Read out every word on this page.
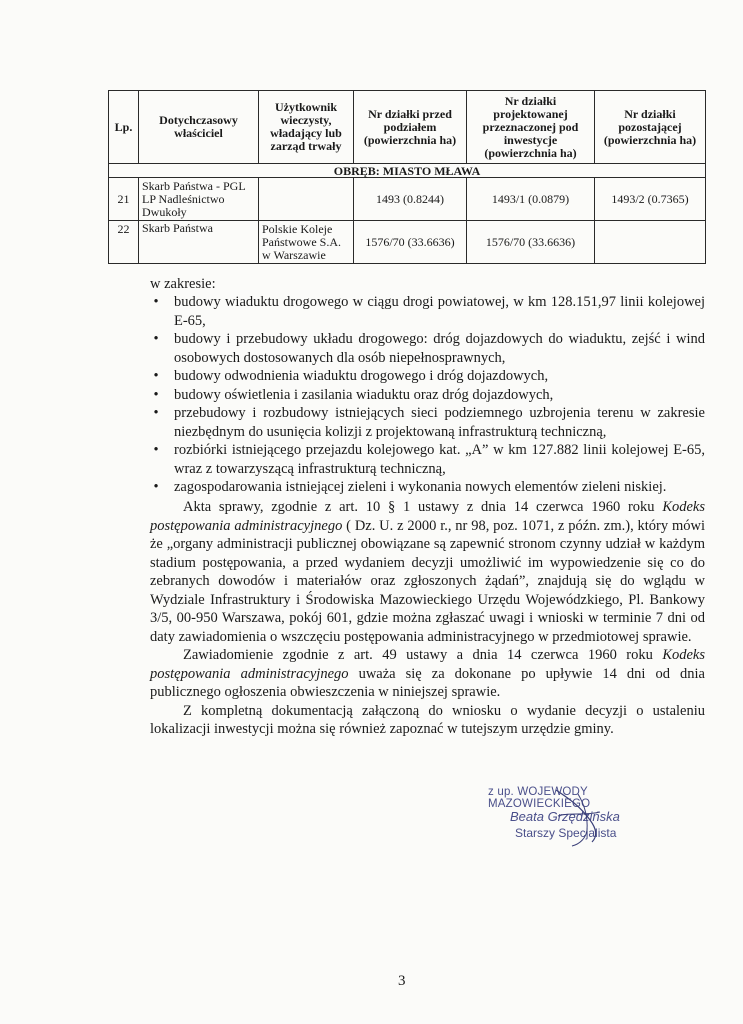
Lp.	Dotychczasowy właściciel	Użytkownik wieczysty, władający lub zarząd trwały	Nr działki przed podziałem (powierzchnia ha)	Nr działki projektowanej przeznaczonej pod inwestycje (powierzchnia ha)	Nr działki pozostającej (powierzchnia ha)
OBRĘB: MIASTO MŁAWA					
21	Skarb Państwa - PGL LP Nadleśnictwo Dwukoły		1493 (0.8244)	1493/1 (0.0879)	1493/2 (0.7365)
22	Skarb Państwa	Polskie Koleje Państwowe S.A. w Warszawie	1576/70 (33.6636)	1576/70 (33.6636)	
w zakresie:
• budowy wiaduktu drogowego w ciągu drogi powiatowej, w km 128.151,97 linii kolejowej E-65,
• budowy i przebudowy układu drogowego: dróg dojazdowych do wiaduktu, zejść i wind osobowych dostosowanych dla osób niepełnosprawnych,
• budowy odwodnienia wiaduktu drogowego i dróg dojazdowych,
• budowy oświetlenia i zasilania wiaduktu oraz dróg dojazdowych,
• przebudowy i rozbudowy istniejących sieci podziemnego uzbrojenia terenu w zakresie niezbędnym do usunięcia kolizji z projektowaną infrastrukturą techniczną,
• rozbiórki istniejącego przejazdu kolejowego kat. „A” w km 127.882 linii kolejowej E-65, wraz z towarzyszącą infrastrukturą techniczną,
• zagospodarowania istniejącej zieleni i wykonania nowych elementów zieleni niskiej.

Akta sprawy, zgodnie z art. 10 § 1 ustawy z dnia 14 czerwca 1960 roku Kodeks postępowania administracyjnego ( Dz. U. z 2000 r., nr 98, poz. 1071, z późn. zm.), który mówi że „organy administracji publicznej obowiązane są zapewnić stronom czynny udział w każdym stadium postępowania, a przed wydaniem decyzji umożliwić im wypowiedzenie się co do zebranych dowodów i materiałów oraz zgłoszonych żądań”, znajdują się do wglądu w Wydziale Infrastruktury i Środowiska Mazowieckiego Urzędu Wojewódzkiego, Pl. Bankowy 3/5, 00-950 Warszawa, pokój 601, gdzie można zgłaszać uwagi i wnioski w terminie 7 dni od daty zawiadomienia o wszczęciu postępowania administracyjnego w przedmiotowej sprawie.

Zawiadomienie zgodnie z art. 49 ustawy a dnia 14 czerwca 1960 roku Kodeks postępowania administracyjnego uważa się za dokonane po upływie 14 dni od dnia publicznego ogłoszenia obwieszczenia w niniejszej sprawie.

Z kompletną dokumentacją załączoną do wniosku o wydanie decyzji o ustaleniu lokalizacji inwestycji można się również zapoznać w tutejszym urzędzie gminy.

z up. WOJEWODY MAZOWIECKIEGO
Beata Grzędzińska
Starszy Specjalista
3
